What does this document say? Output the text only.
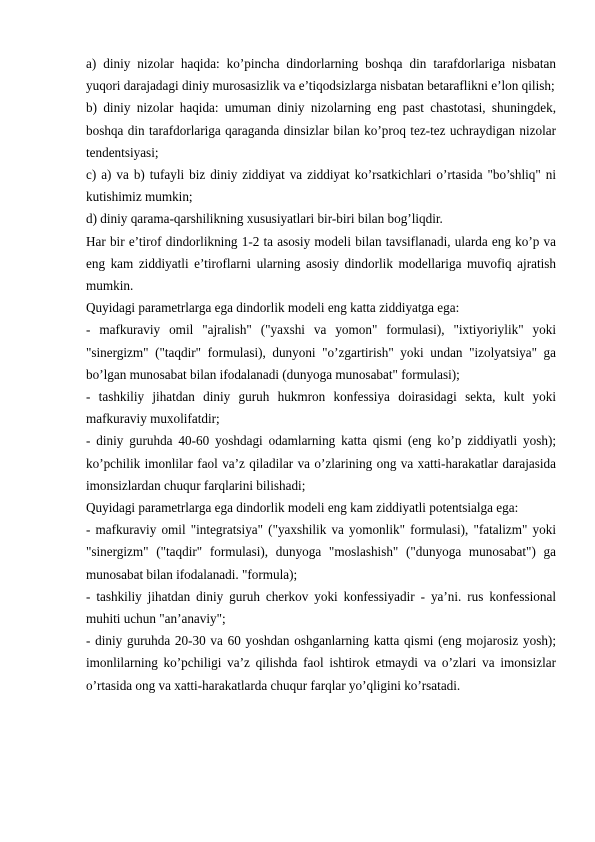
a) diniy nizolar haqida: ko’pincha dindorlarning boshqa din tarafdorlariga nisbatan yuqori darajadagi diniy murosasizlik va e’tiqodsizlarga nisbatan betaraflikni e’lon qilish;

b) diniy nizolar haqida: umuman diniy nizolarning eng past chastotasi, shuningdek, boshqa din tarafdorlariga qaraganda dinsizlar bilan ko’proq tez-tez uchraydigan nizolar tendentsiyasi;

c) a) va b) tufayli biz diniy ziddiyat va ziddiyat ko’rsatkichlari o’rtasida "bo’shliq" ni kutishimiz mumkin;

d) diniy qarama-qarshilikning xususiyatlari bir-biri bilan bog’liqdir.

Har bir e’tirof dindorlikning 1-2 ta asosiy modeli bilan tavsiflanadi, ularda eng ko’p va eng kam ziddiyatli e’tiroflarni ularning asosiy dindorlik modellariga muvofiq ajratish mumkin.

Quyidagi parametrlarga ega dindorlik modeli eng katta ziddiyatga ega:

- mafkuraviy omil "ajralish" ("yaxshi va yomon" formulasi), "ixtiyoriylik" yoki "sinergizm" ("taqdir" formulasi), dunyoni "o’zgartirish" yoki undan "izolyatsiya" ga bo’lgan munosabat bilan ifodalanadi (dunyoga munosabat" formulasi);

- tashkiliy jihatdan diniy guruh hukmron konfessiya doirasidagi sekta, kult yoki mafkuraviy muxolifatdir;

- diniy guruhda 40-60 yoshdagi odamlarning katta qismi (eng ko’p ziddiyatli yosh); ko’pchilik imonlilar faol va’z qiladilar va o’zlarining ong va xatti-harakatlar darajasida imonsizlardan chuqur farqlarini bilishadi;

Quyidagi parametrlarga ega dindorlik modeli eng kam ziddiyatli potentsialga ega:

- mafkuraviy omil "integratsiya" ("yaxshilik va yomonlik" formulasi), "fatalizm" yoki "sinergizm" ("taqdir" formulasi), dunyoga "moslashish" ("dunyoga munosabat") ga munosabat bilan ifodalanadi. "formula);

- tashkiliy jihatdan diniy guruh cherkov yoki konfessiyadir - ya’ni. rus konfessional muhiti uchun "an’anaviy";

- diniy guruhda 20-30 va 60 yoshdan oshganlarning katta qismi (eng mojarosiz yosh); imonlilarning ko’pchiligi va’z qilishda faol ishtirok etmaydi va o’zlari va imonsizlar o’rtasida ong va xatti-harakatlarda chuqur farqlar yo’qligini ko’rsatadi.
